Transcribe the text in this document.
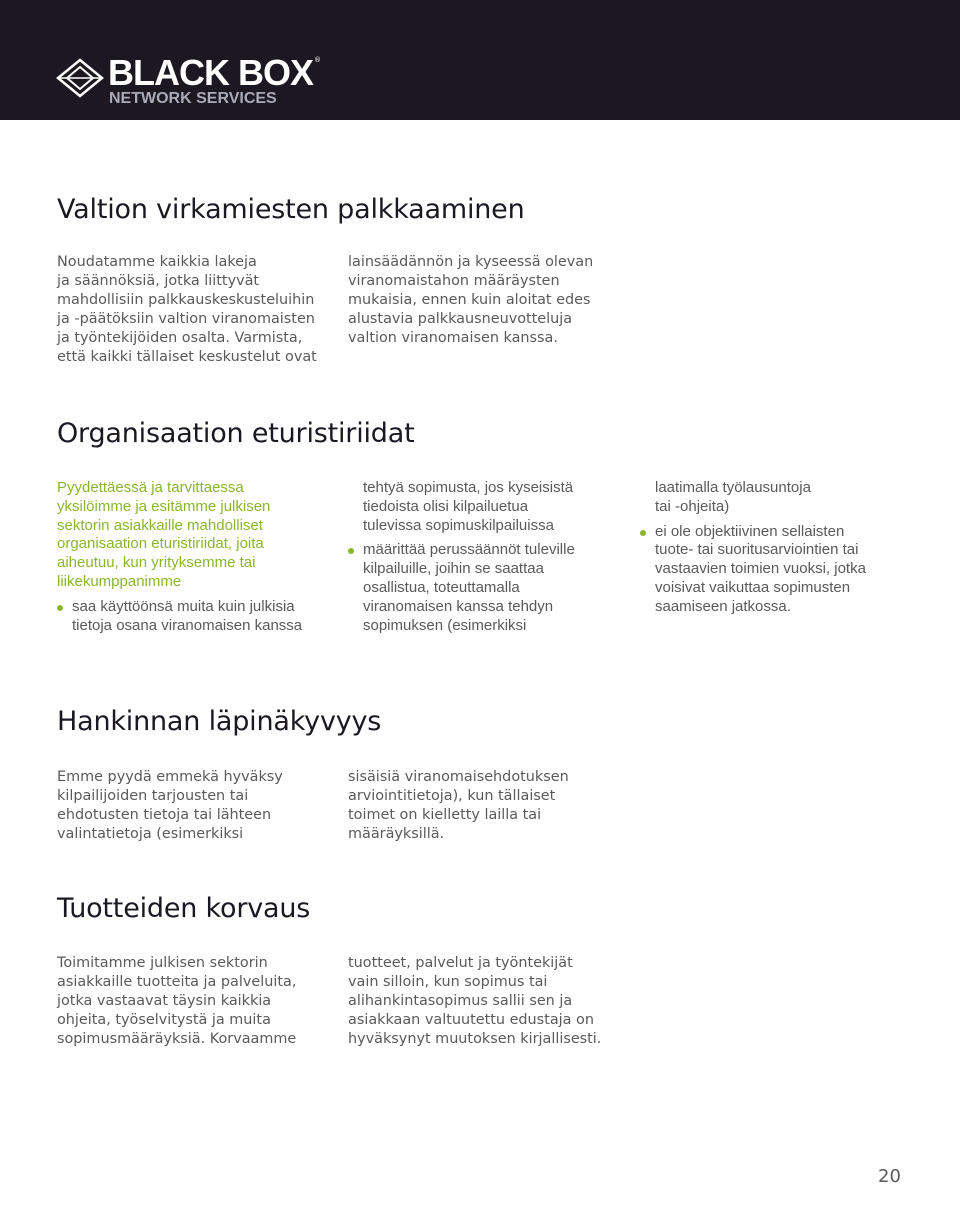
BLACK BOX ®
NETWORK SERVICES
Valtion virkamiesten palkkaaminen

Noudatamme kaikkia lakeja
ja säännöksiä, jotka liittyvät
mahdollisiin palkkauskeskusteluihin
ja -päätöksiin valtion viranomaisten
ja työntekijöiden osalta. Varmista,
että kaikki tällaiset keskustelut ovat

lainsäädännön ja kyseessä olevan
viranomaistahon määräysten
mukaisia, ennen kuin aloitat edes
alustavia palkkausneuvotteluja
valtion viranomaisen kanssa.

Organisaation eturistiriidat

Pyydettäessä ja tarvittaessa
yksilöimme ja esitämme julkisen
sektorin asiakkaille mahdolliset
organisaation eturistiriidat, joita
aiheutuu, kun yrityksemme tai
liikekumppanimme

saa käyttöönsä muita kuin julkisia
tietoja osana viranomaisen kanssa

tehtyä sopimusta, jos kyseisistä
tiedoista olisi kilpailuetua
tulevissa sopimuskilpailuissa

määrittää perussäännöt tuleville
kilpailuille, joihin se saattaa
osallistua, toteuttamalla
viranomaisen kanssa tehdyn
sopimuksen (esimerkiksi

laatimalla työlausuntoja
tai -ohjeita)

ei ole objektiivinen sellaisten
tuote- tai suoritusarviointien tai
vastaavien toimien vuoksi, jotka
voisivat vaikuttaa sopimusten
saamiseen jatkossa.
Hankinnan läpinäkyvyys

Emme pyydä emmekä hyväksy
kilpailijoiden tarjousten tai
ehdotusten tietoja tai lähteen
valintatietoja (esimerkiksi

sisäisiä viranomaisehdotuksen
arviointitietoja), kun tällaiset
toimet on kielletty lailla tai
määräyksillä.

Tuotteiden korvaus

Toimitamme julkisen sektorin
asiakkaille tuotteita ja palveluita,
jotka vastaavat täysin kaikkia
ohjeita, työselvitystä ja muita
sopimusmääräyksiä. Korvaamme

tuotteet, palvelut ja työntekijät
vain silloin, kun sopimus tai
alihankintasopimus sallii sen ja
asiakkaan valtuutettu edustaja on
hyväksynyt muutoksen kirjallisesti.

20
